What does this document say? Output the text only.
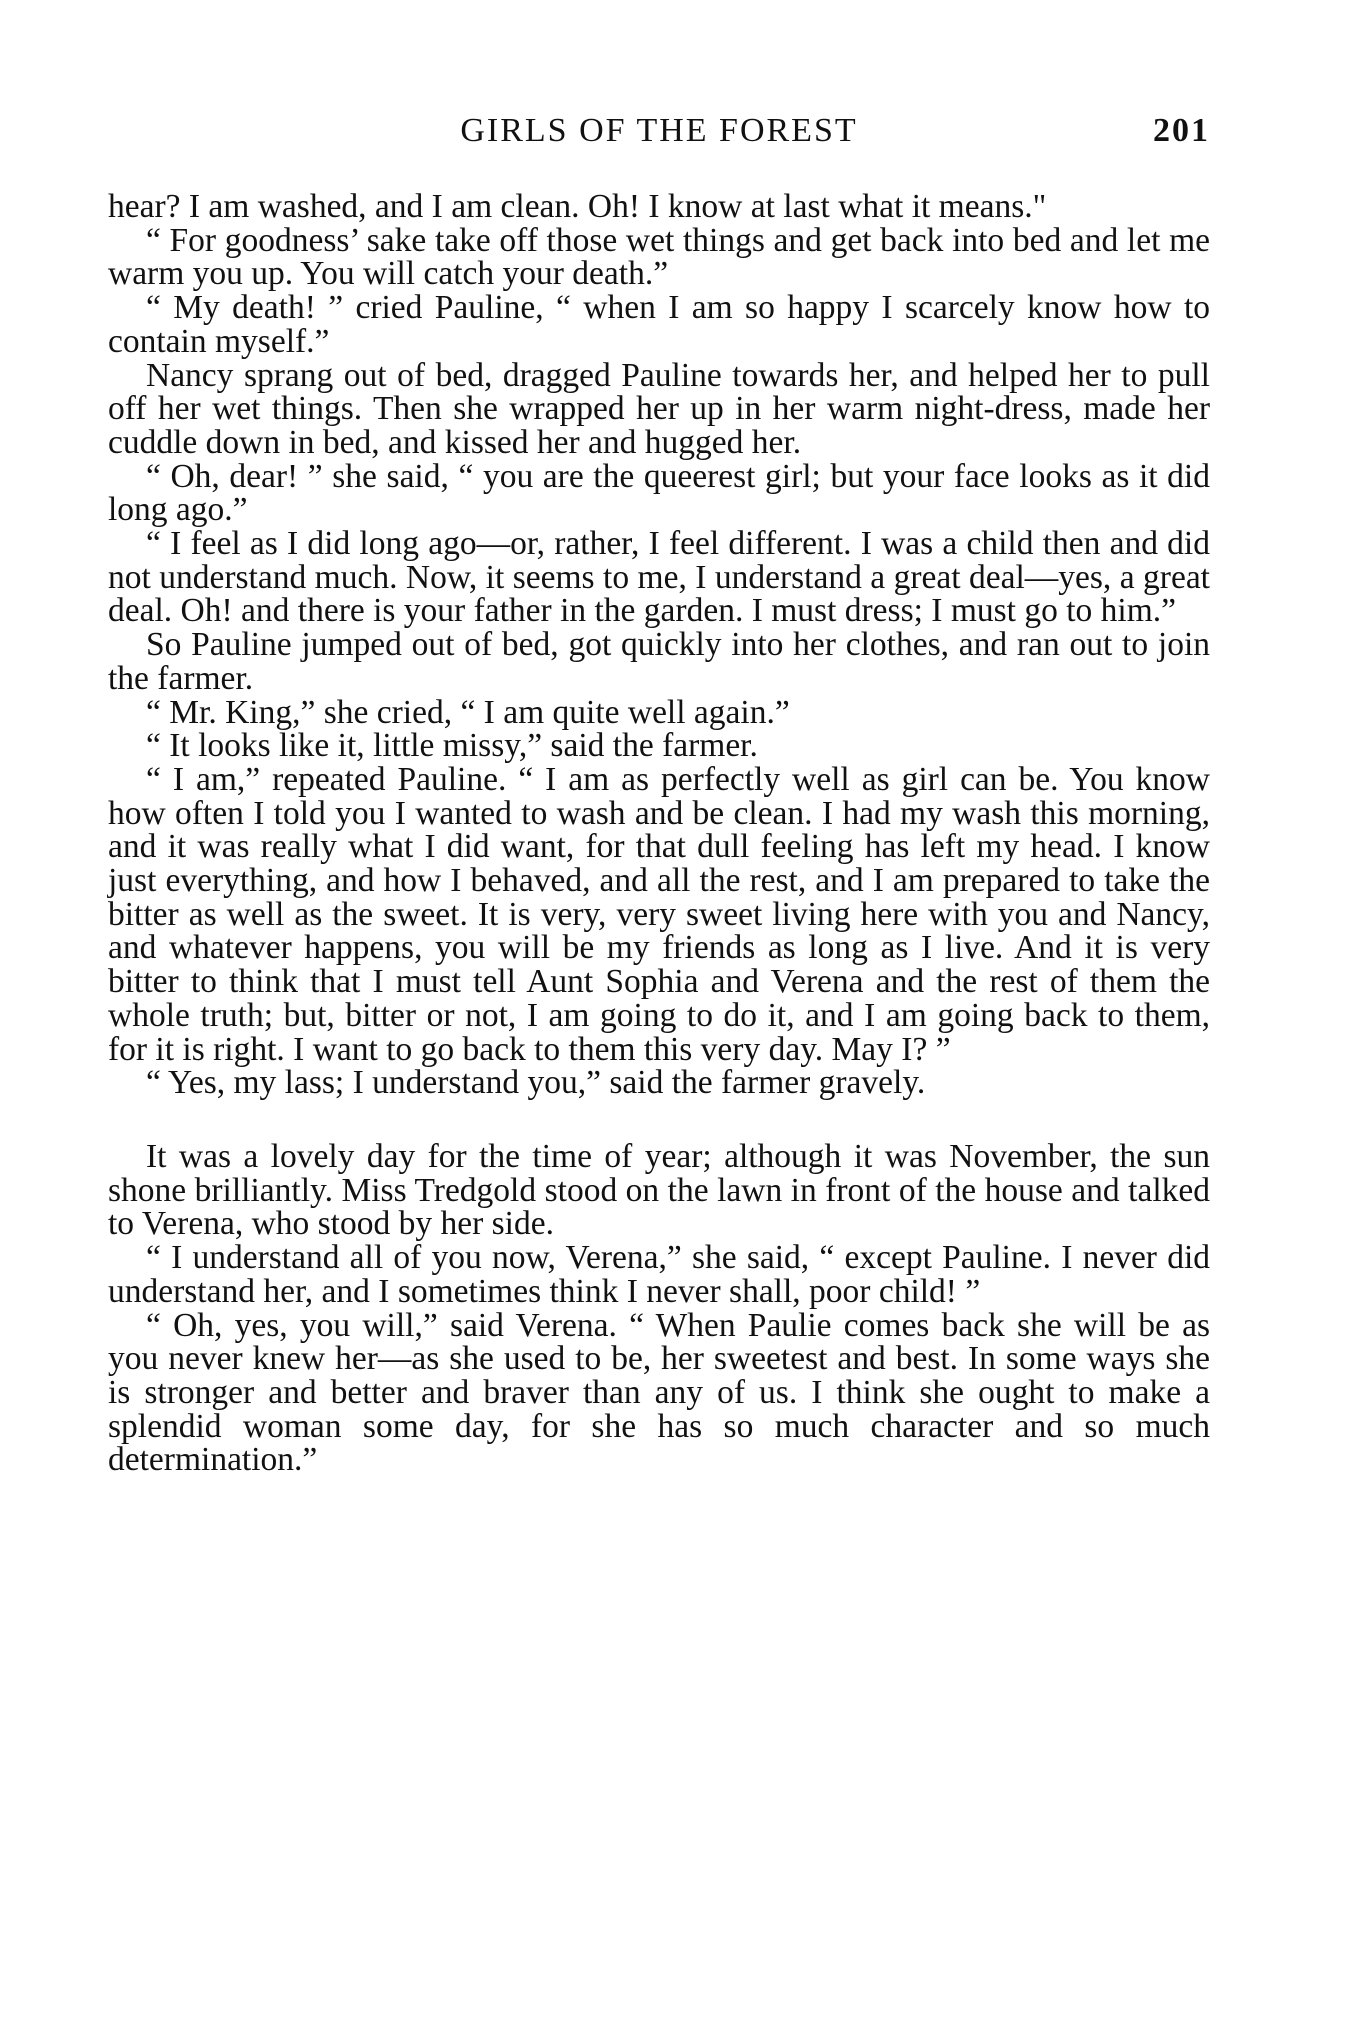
GIRLS OF THE FOREST	201

hear? I am washed, and I am clean. Oh! I know at last what it means."

“ For goodness’ sake take off those wet things and get back into bed and let me warm you up. You will catch your death.”

“ My death! ” cried Pauline, “ when I am so happy I scarcely know how to contain myself.”

Nancy sprang out of bed, dragged Pauline towards her, and helped her to pull off her wet things. Then she wrapped her up in her warm night-dress, made her cuddle down in bed, and kissed her and hugged her.

“ Oh, dear! ” she said, “ you are the queerest girl; but your face looks as it did long ago.”

“ I feel as I did long ago—or, rather, I feel different. I was a child then and did not understand much. Now, it seems to me, I understand a great deal—yes, a great deal. Oh! and there is your father in the garden. I must dress; I must go to him.”

So Pauline jumped out of bed, got quickly into her clothes, and ran out to join the farmer.

“ Mr. King,” she cried, “ I am quite well again.”

“ It looks like it, little missy,” said the farmer.

“ I am,” repeated Pauline. “ I am as perfectly well as girl can be. You know how often I told you I wanted to wash and be clean. I had my wash this morning, and it was really what I did want, for that dull feeling has left my head. I know just everything, and how I behaved, and all the rest, and I am prepared to take the bitter as well as the sweet. It is very, very sweet living here with you and Nancy, and whatever happens, you will be my friends as long as I live. And it is very bitter to think that I must tell Aunt Sophia and Verena and the rest of them the whole truth; but, bitter or not, I am going to do it, and I am going back to them, for it is right. I want to go back to them this very day. May I? ”

“ Yes, my lass; I understand you,” said the farmer gravely.

It was a lovely day for the time of year; although it was November, the sun shone brilliantly. Miss Tredgold stood on the lawn in front of the house and talked to Verena, who stood by her side.

“ I understand all of you now, Verena,” she said, “ except Pauline. I never did understand her, and I sometimes think I never shall, poor child! ”

“ Oh, yes, you will,” said Verena. “ When Paulie comes back she will be as you never knew her—as she used to be, her sweetest and best. In some ways she is stronger and better and braver than any of us. I think she ought to make a splendid woman some day, for she has so much character and so much determination.”
